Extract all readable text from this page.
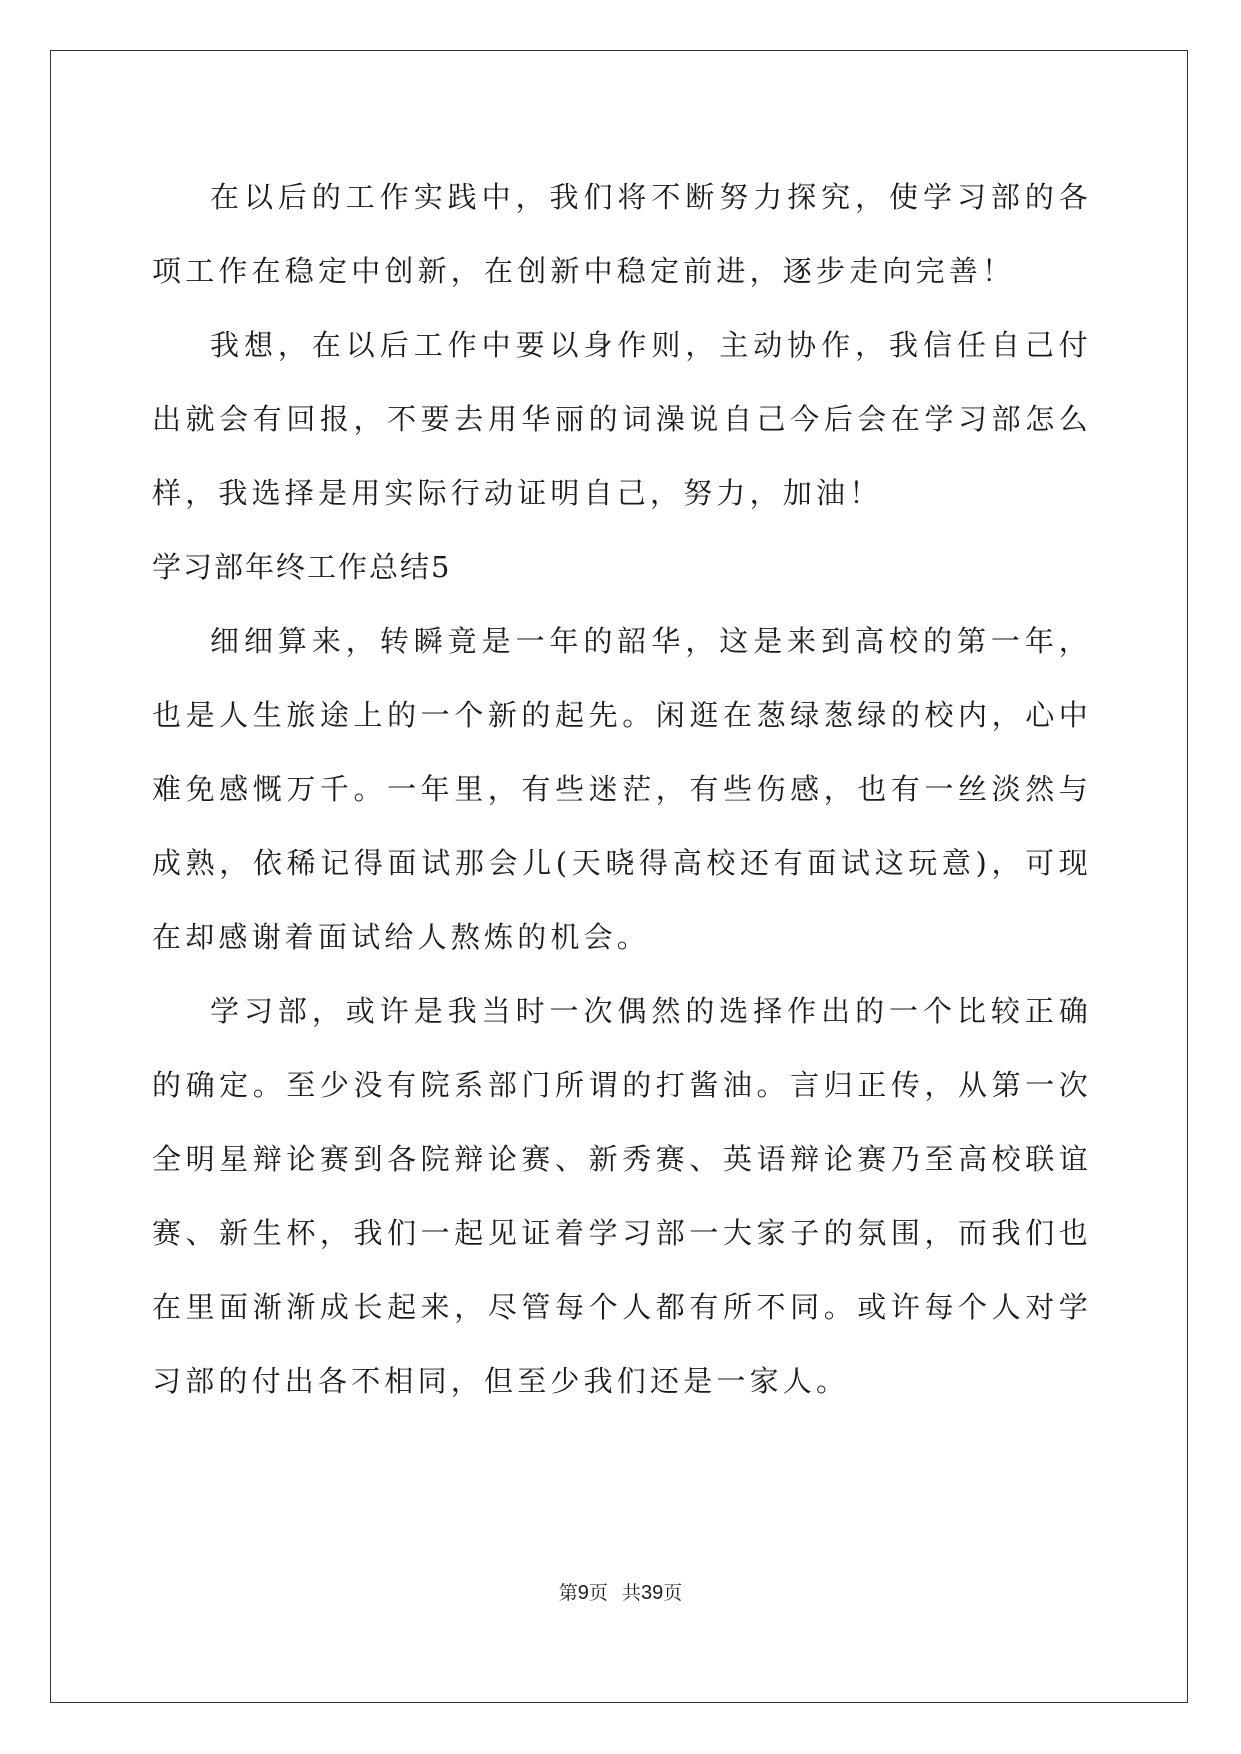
在以后的工作实践中，我们将不断努力探究，使学习部的各项工作在稳定中创新，在创新中稳定前进，逐步走向完善！

我想，在以后工作中要以身作则，主动协作，我信任自己付出就会有回报，不要去用华丽的词澡说自己今后会在学习部怎么样，我选择是用实际行动证明自己，努力，加油！

学习部年终工作总结5

细细算来，转瞬竟是一年的韶华，这是来到高校的第一年，也是人生旅途上的一个新的起先。闲逛在葱绿葱绿的校内，心中难免感慨万千。一年里，有些迷茫，有些伤感，也有一丝淡然与成熟，依稀记得面试那会儿(天晓得高校还有面试这玩意)，可现在却感谢着面试给人熬炼的机会。

学习部，或许是我当时一次偶然的选择作出的一个比较正确的确定。至少没有院系部门所谓的打酱油。言归正传，从第一次全明星辩论赛到各院辩论赛、新秀赛、英语辩论赛乃至高校联谊赛、新生杯，我们一起见证着学习部一大家子的氛围，而我们也在里面渐渐成长起来，尽管每个人都有所不同。或许每个人对学习部的付出各不相同，但至少我们还是一家人。

第9页 共39页
